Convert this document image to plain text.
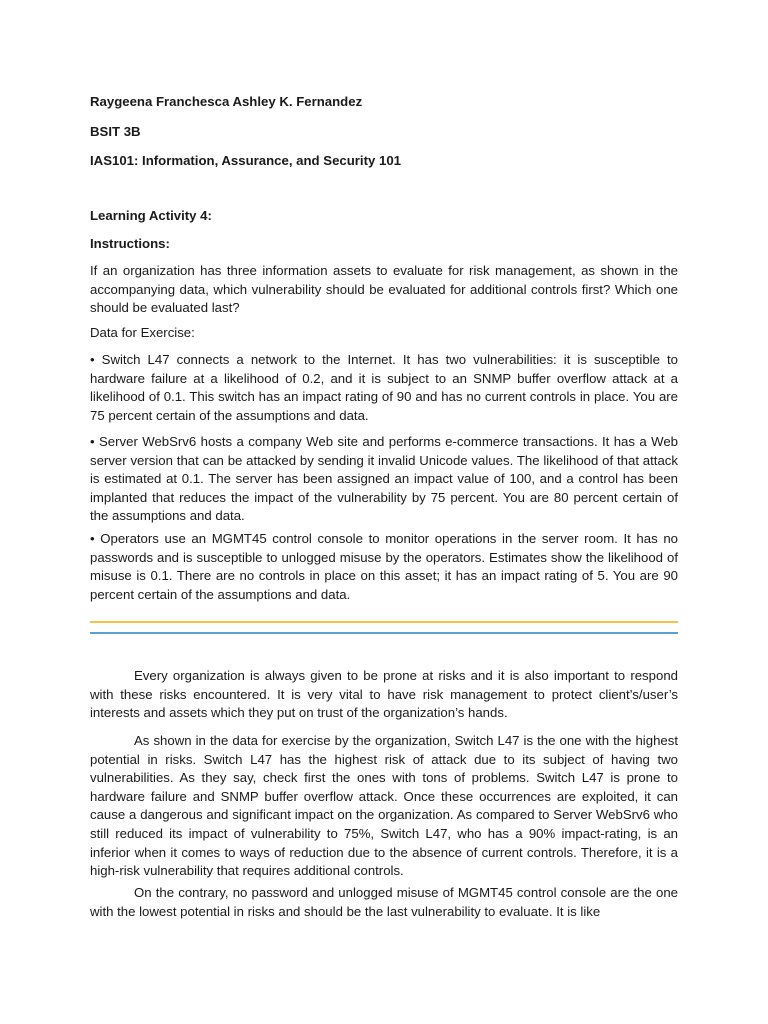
Raygeena Franchesca Ashley K. Fernandez
BSIT 3B
IAS101: Information, Assurance, and Security 101
Learning Activity 4:
Instructions:

If an organization has three information assets to evaluate for risk management, as shown in the accompanying data, which vulnerability should be evaluated for additional controls first? Which one should be evaluated last?

Data for Exercise:

• Switch L47 connects a network to the Internet. It has two vulnerabilities: it is susceptible to hardware failure at a likelihood of 0.2, and it is subject to an SNMP buffer overflow attack at a likelihood of 0.1. This switch has an impact rating of 90 and has no current controls in place. You are 75 percent certain of the assumptions and data.

• Server WebSrv6 hosts a company Web site and performs e-commerce transactions. It has a Web server version that can be attacked by sending it invalid Unicode values. The likelihood of that attack is estimated at 0.1. The server has been assigned an impact value of 100, and a control has been implanted that reduces the impact of the vulnerability by 75 percent. You are 80 percent certain of the assumptions and data.

• Operators use an MGMT45 control console to monitor operations in the server room. It has no passwords and is susceptible to unlogged misuse by the operators. Estimates show the likelihood of misuse is 0.1. There are no controls in place on this asset; it has an impact rating of 5. You are 90 percent certain of the assumptions and data.

Every organization is always given to be prone at risks and it is also important to respond with these risks encountered. It is very vital to have risk management to protect client’s/user’s interests and assets which they put on trust of the organization’s hands.

As shown in the data for exercise by the organization, Switch L47 is the one with the highest potential in risks. Switch L47 has the highest risk of attack due to its subject of having two vulnerabilities. As they say, check first the ones with tons of problems. Switch L47 is prone to hardware failure and SNMP buffer overflow attack. Once these occurrences are exploited, it can cause a dangerous and significant impact on the organization. As compared to Server WebSrv6 who still reduced its impact of vulnerability to 75%, Switch L47, who has a 90% impact-rating, is an inferior when it comes to ways of reduction due to the absence of current controls. Therefore, it is a high-risk vulnerability that requires additional controls.

On the contrary, no password and unlogged misuse of MGMT45 control console are the one with the lowest potential in risks and should be the last vulnerability to evaluate. It is like
